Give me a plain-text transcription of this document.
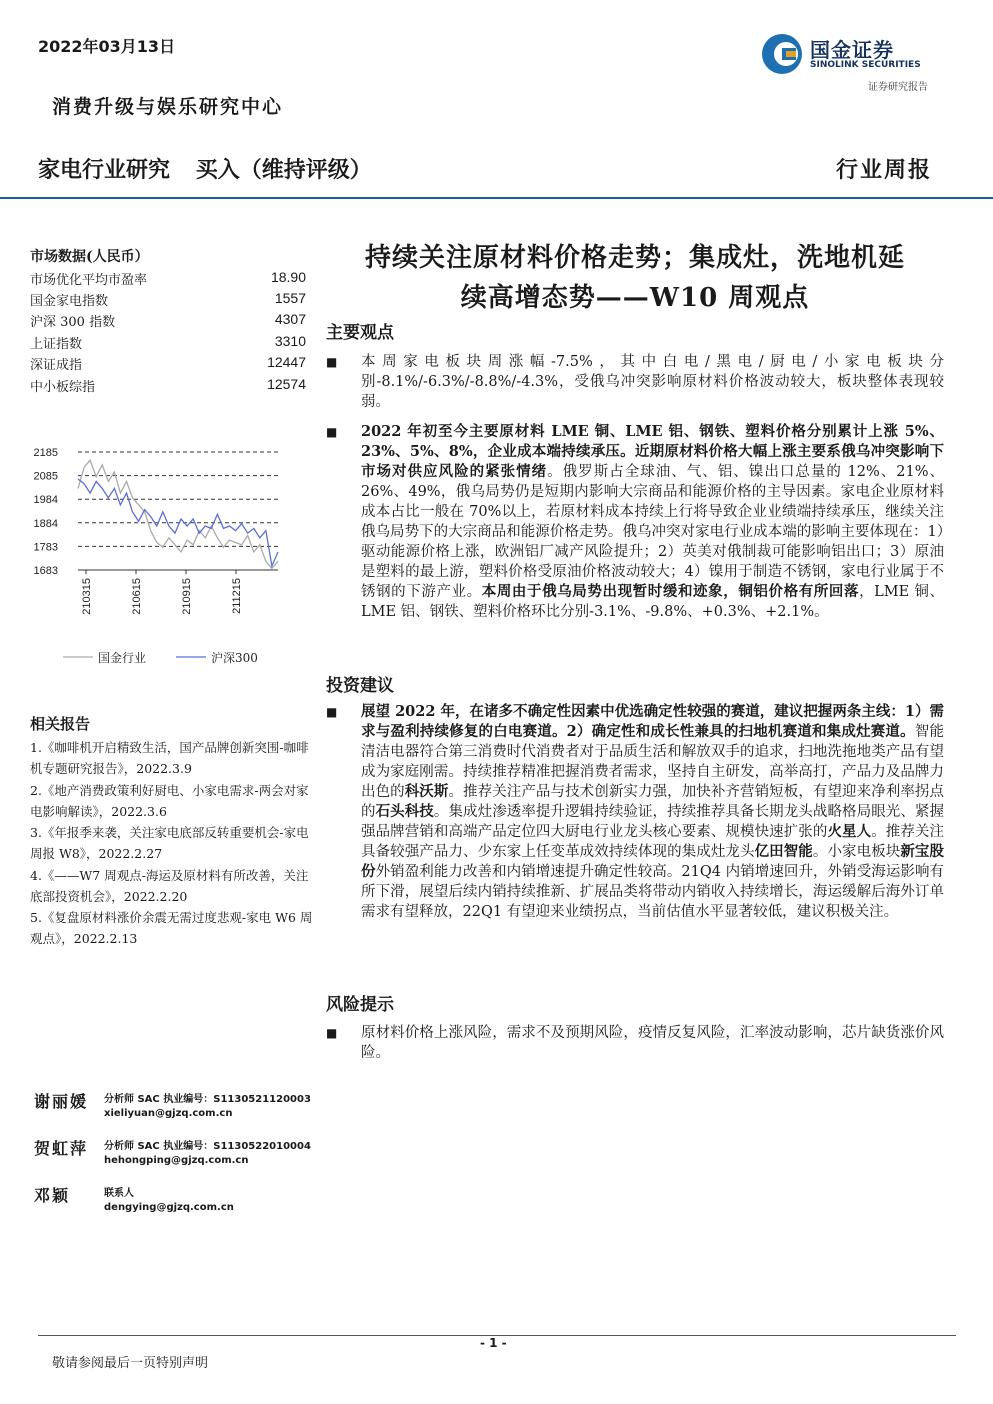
2022年03月13日
消费升级与娱乐研究中心
国金证券
SINOLINK SECURITIES
证券研究报告
家电行业研究 买入（维持评级）	行业周报
市场数据(人民币）
市场优化平均市盈率	18.90
国金家电指数	1557
沪深 300 指数	4307
上证指数	3310
深证成指	12447
中小板综指	12574
2185
2085
1984
1884
1783
1683
210315	210615	210915	211215
国金行业	沪深300
相关报告
1.《咖啡机开启精致生活，国产品牌创新突围-咖啡机专题研究报告》，2022.3.9
2.《地产消费政策利好厨电、小家电需求-两会对家电影响解读》，2022.3.6
3.《年报季来袭，关注家电底部反转重要机会-家电周报 W8》，2022.2.27
4.《——W7 周观点-海运及原材料有所改善，关注底部投资机会》，2022.2.20
5.《复盘原材料涨价余震无需过度悲观-家电 W6 周观点》，2022.2.13
谢丽媛 分析师 SAC 执业编号：S1130521120003
xieliyuan@gjzq.com.cn
贺虹萍 分析师 SAC 执业编号：S1130522010004
hehongping@gjzq.com.cn
邓颖	联系人
dengying@gjzq.com.cn
持续关注原材料价格走势；集成灶，洗地机延
续高增态势——W10 周观点
主要观点
■ 本周家电板块周涨幅-7.5%，其中白电/黑电/厨电/小家电板块分别-8.1%/-6.3%/-8.8%/-4.3%，受俄乌冲突影响原材料价格波动较大，板块整体表现较弱。
■ 2022 年初至今主要原材料 LME 铜、LME 铝、钢铁、塑料价格分别累计上涨 5%、23%、5%、8%，企业成本端持续承压。近期原材料价格大幅上涨主要系俄乌冲突影响下市场对供应风险的紧张情绪。俄罗斯占全球油、气、铝、镍出口总量的 12%、21%、26%、49%，俄乌局势仍是短期内影响大宗商品和能源价格的主导因素。家电企业原材料成本占比一般在 70%以上，若原材料成本持续上行将导致企业业绩端持续承压，继续关注俄乌局势下的大宗商品和能源价格走势。俄乌冲突对家电行业成本端的影响主要体现在：1）驱动能源价格上涨，欧洲铝厂减产风险提升；2）英美对俄制裁可能影响铝出口；3）原油是塑料的最上游，塑料价格受原油价格波动较大；4）镍用于制造不锈钢，家电行业属于不锈钢的下游产业。本周由于俄乌局势出现暂时缓和迹象，铜铝价格有所回落，LME 铜、LME 铝、钢铁、塑料价格环比分别-3.1%、-9.8%、+0.3%、+2.1%。
投资建议
■ 展望 2022 年，在诸多不确定性因素中优选确定性较强的赛道，建议把握两条主线：1）需求与盈利持续修复的白电赛道。2）确定性和成长性兼具的扫地机赛道和集成灶赛道。智能清洁电器符合第三消费时代消费者对于品质生活和解放双手的追求，扫地洗拖地类产品有望成为家庭刚需。持续推荐精准把握消费者需求，坚持自主研发，高举高打，产品力及品牌力出色的科沃斯。推荐关注产品与技术创新实力强，加快补齐营销短板，有望迎来净利率拐点的石头科技。集成灶渗透率提升逻辑持续验证，持续推荐具备长期龙头战略格局眼光、紧握强品牌营销和高端产品定位四大厨电行业龙头核心要素、规模快速扩张的火星人。推荐关注具备较强产品力、少东家上任变革成效持续体现的集成灶龙头亿田智能。小家电板块新宝股份外销盈利能力改善和内销增速提升确定性较高。21Q4 内销增速回升，外销受海运影响有所下滑，展望后续内销持续推新、扩展品类将带动内销收入持续增长，海运缓解后海外订单需求有望释放，22Q1 有望迎来业绩拐点，当前估值水平显著较低，建议积极关注。
风险提示
■ 原材料价格上涨风险，需求不及预期风险，疫情反复风险，汇率波动影响，芯片缺货涨价风险。
- 1 -
敬请参阅最后一页特别声明
